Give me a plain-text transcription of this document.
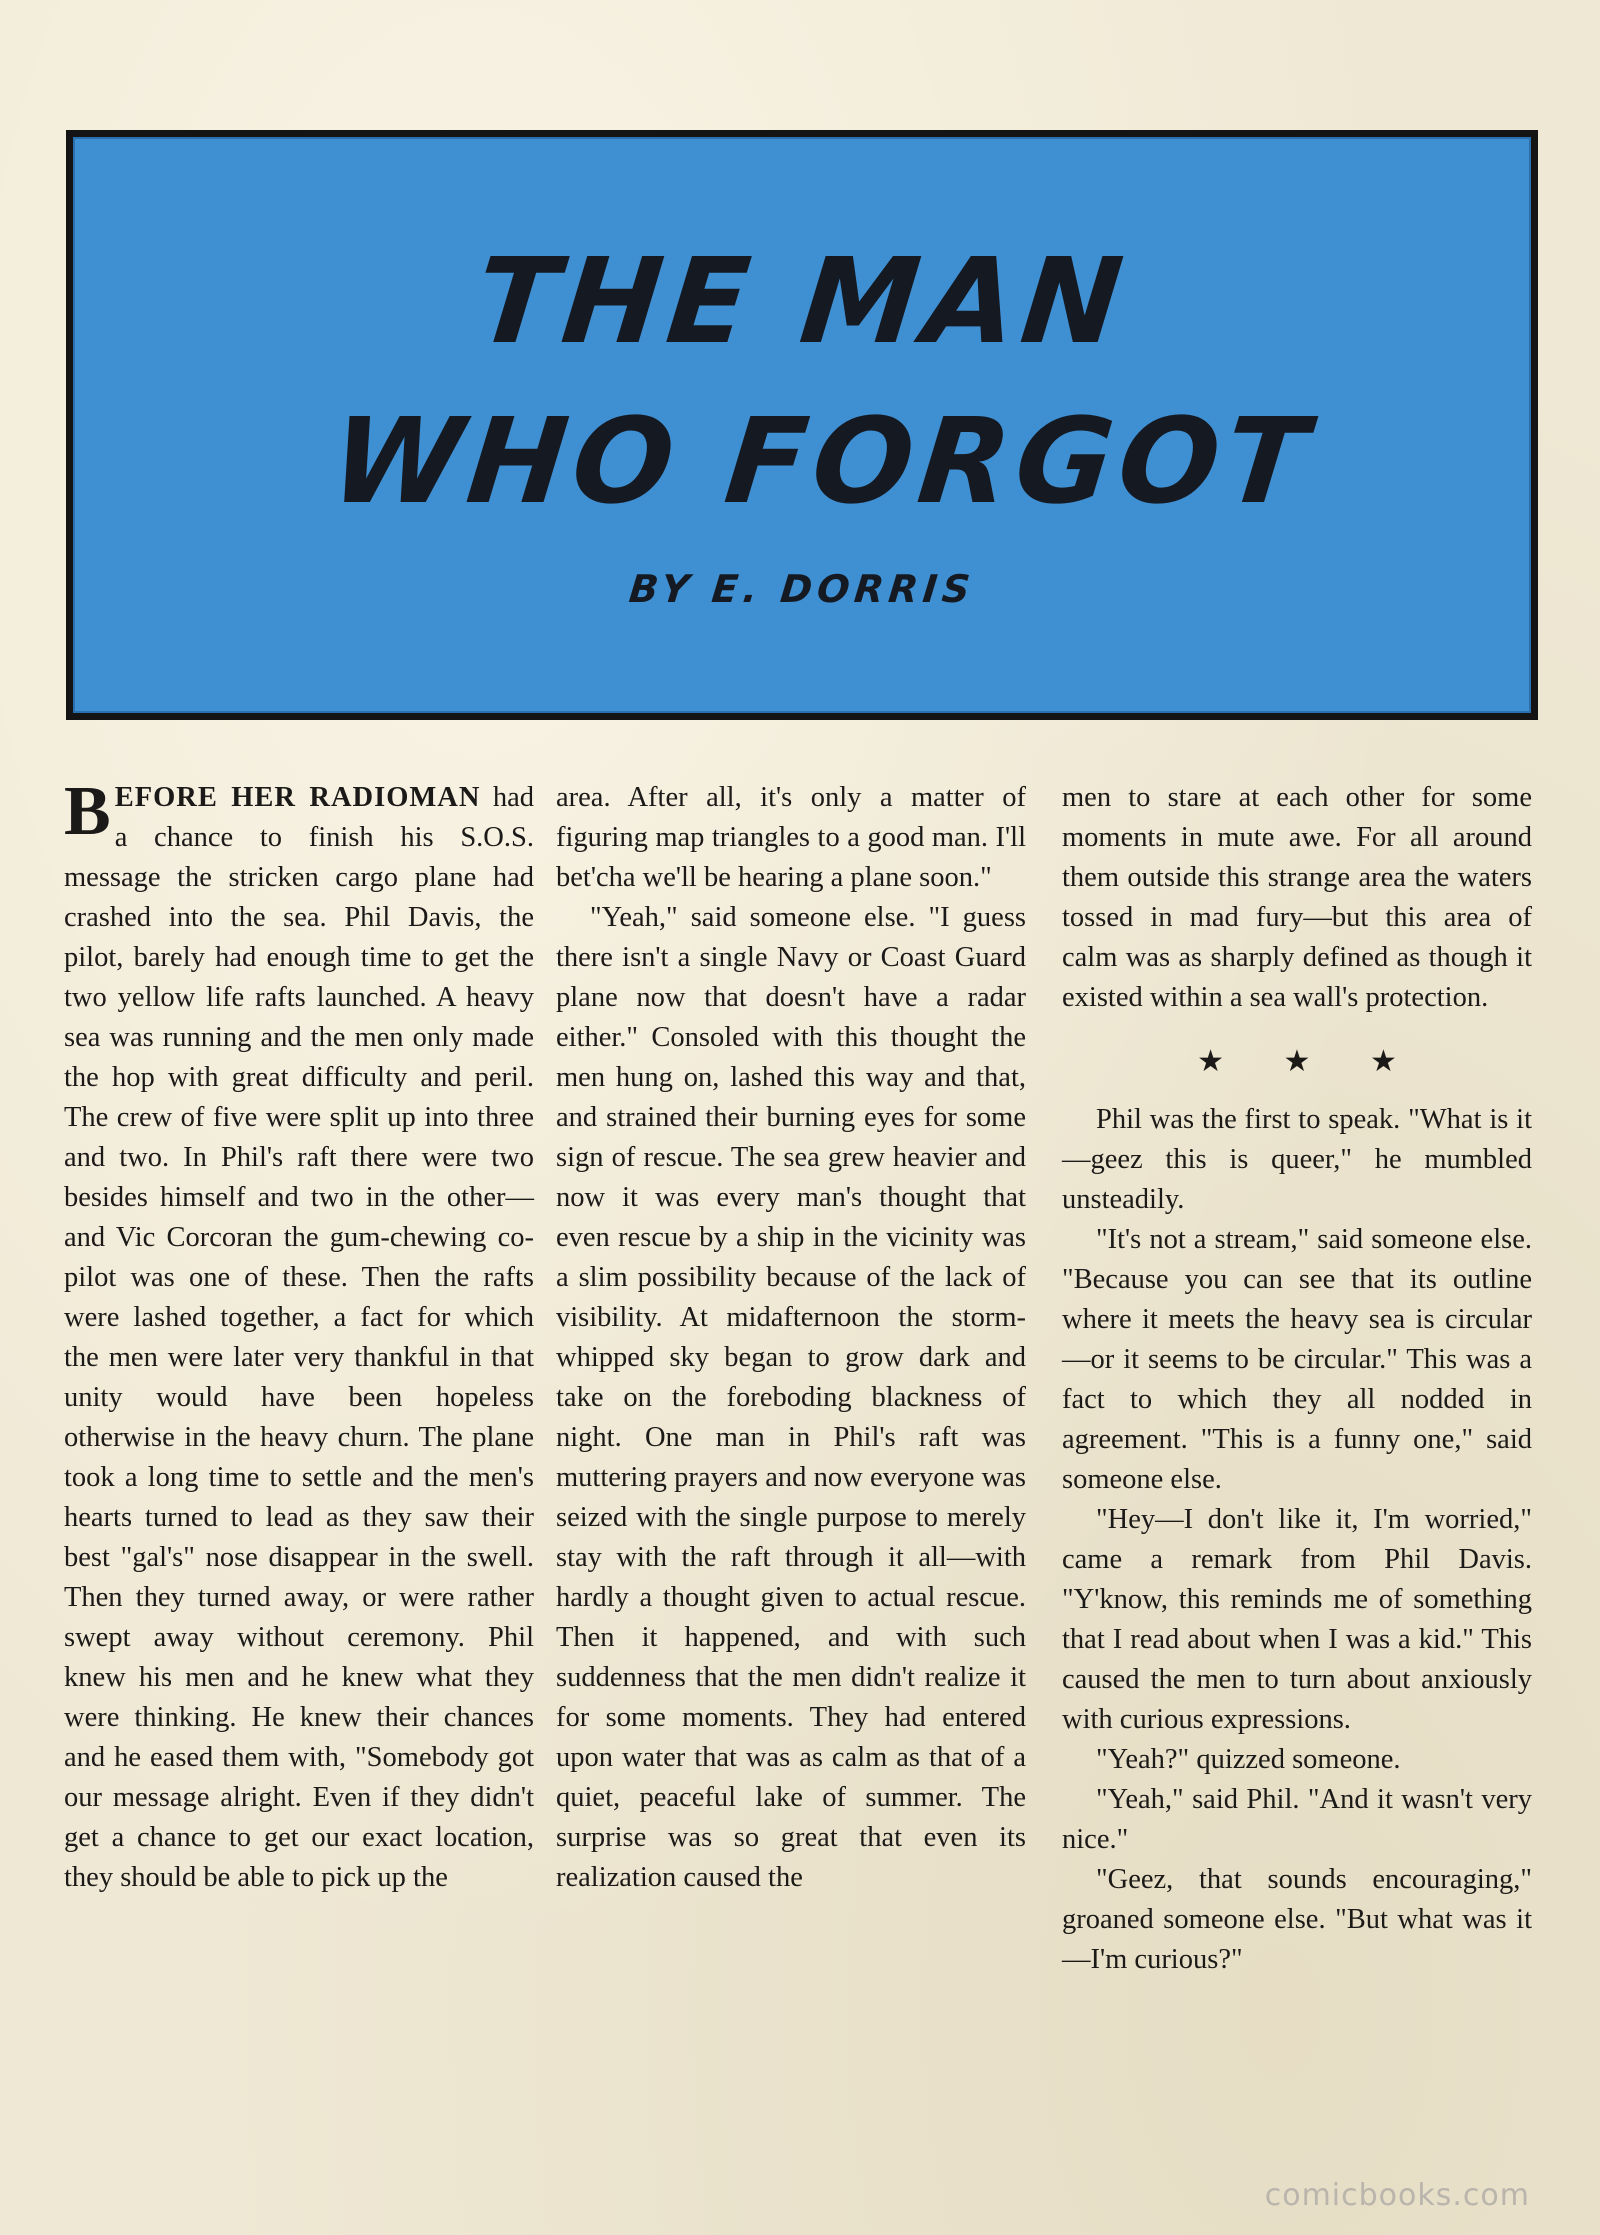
THE MAN
WHO FORGOT
BY E. DORRIS

BEFORE HER RADIOMAN had a chance to finish his S.O.S. message the stricken cargo plane had crashed into the sea. Phil Davis, the pilot, barely had enough time to get the two yellow life rafts launched. A heavy sea was running and the men only made the hop with great difficulty and peril. The crew of five were split up into three and two. In Phil's raft there were two besides himself and two in the other—and Vic Corcoran the gum-chewing co-pilot was one of these. Then the rafts were lashed together, a fact for which the men were later very thankful in that unity would have been hopeless otherwise in the heavy churn. The plane took a long time to settle and the men's hearts turned to lead as they saw their best "gal's" nose disappear in the swell. Then they turned away, or were rather swept away without ceremony. Phil knew his men and he knew what they were thinking. He knew their chances and he eased them with, "Somebody got our message alright. Even if they didn't get a chance to get our exact location, they should be able to pick up the

area. After all, it's only a matter of figuring map triangles to a good man. I'll bet'cha we'll be hearing a plane soon."

"Yeah," said someone else. "I guess there isn't a single Navy or Coast Guard plane now that doesn't have a radar either." Consoled with this thought the men hung on, lashed this way and that, and strained their burning eyes for some sign of rescue. The sea grew heavier and now it was every man's thought that even rescue by a ship in the vicinity was a slim possibility because of the lack of visibility. At midafternoon the storm-whipped sky began to grow dark and take on the foreboding blackness of night. One man in Phil's raft was muttering prayers and now everyone was seized with the single purpose to merely stay with the raft through it all—with hardly a thought given to actual rescue. Then it happened, and with such suddenness that the men didn't realize it for some moments. They had entered upon water that was as calm as that of a quiet, peaceful lake of summer. The surprise was so great that even its realization caused the

men to stare at each other for some moments in mute awe. For all around them outside this strange area the waters tossed in mad fury—but this area of calm was as sharply defined as though it existed within a sea wall's protection.

★ ★ ★

Phil was the first to speak. "What is it—geez this is queer," he mumbled unsteadily.

"It's not a stream," said someone else. "Because you can see that its outline where it meets the heavy sea is circular—or it seems to be circular." This was a fact to which they all nodded in agreement. "This is a funny one," said someone else.

"Hey—I don't like it, I'm worried," came a remark from Phil Davis. "Y'know, this reminds me of something that I read about when I was a kid." This caused the men to turn about anxiously with curious expressions.

"Yeah?" quizzed someone.

"Yeah," said Phil. "And it wasn't very nice."

"Geez, that sounds encouraging," groaned someone else. "But what was it—I'm curious?"

comicbooks.com
